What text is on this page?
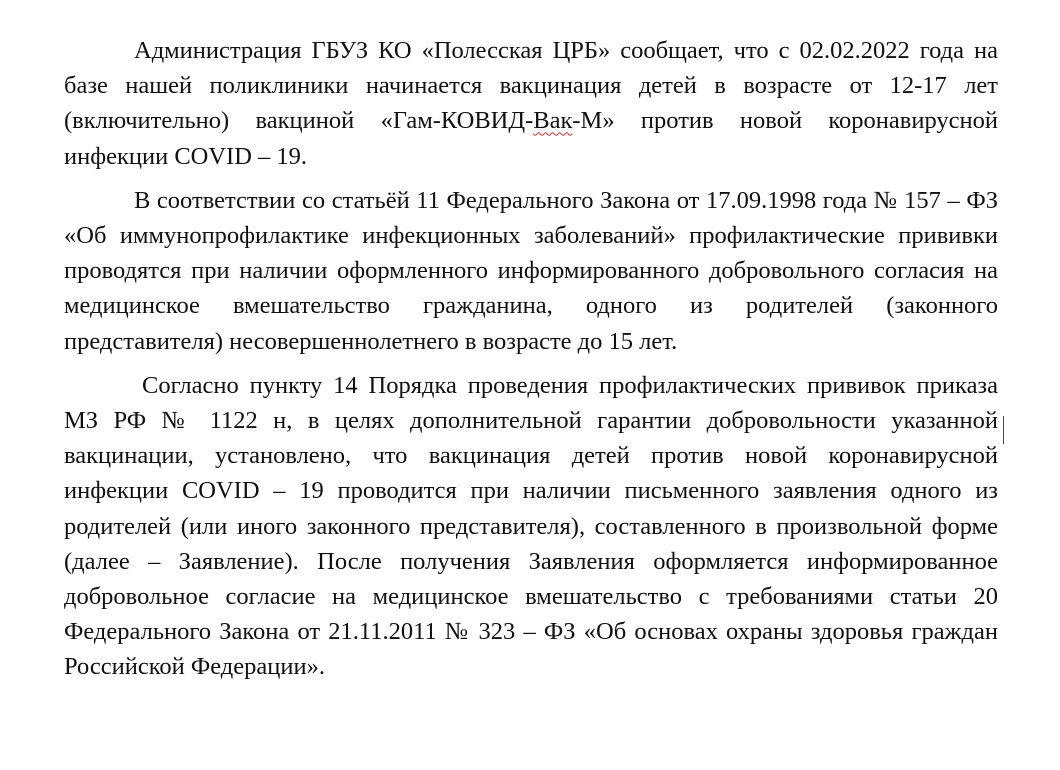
Администрация ГБУЗ КО «Полесская ЦРБ» сообщает, что с 02.02.2022 года на базе нашей поликлиники начинается вакцинация детей в возрасте от 12-17 лет (включительно) вакциной «Гам-КОВИД-Вак-М» против новой коронавирусной инфекции COVID – 19.

В соответствии со статьёй 11 Федерального Закона от 17.09.1998 года № 157 – ФЗ «Об иммунопрофилактике инфекционных заболеваний» профилактические прививки проводятся при наличии оформленного информированного добровольного согласия на медицинское вмешательство гражданина, одного из родителей (законного представителя) несовершеннолетнего в возрасте до 15 лет.

Согласно пункту 14 Порядка проведения профилактических прививок приказа МЗ РФ № 1122 н, в целях дополнительной гарантии добровольности указанной вакцинации, установлено, что вакцинация детей против новой коронавирусной инфекции COVID – 19 проводится при наличии письменного заявления одного из родителей (или иного законного представителя), составленного в произвольной форме (далее – Заявление). После получения Заявления оформляется информированное добровольное согласие на медицинское вмешательство с требованиями статьи 20 Федерального Закона от 21.11.2011 № 323 – ФЗ «Об основах охраны здоровья граждан Российской Федерации».
